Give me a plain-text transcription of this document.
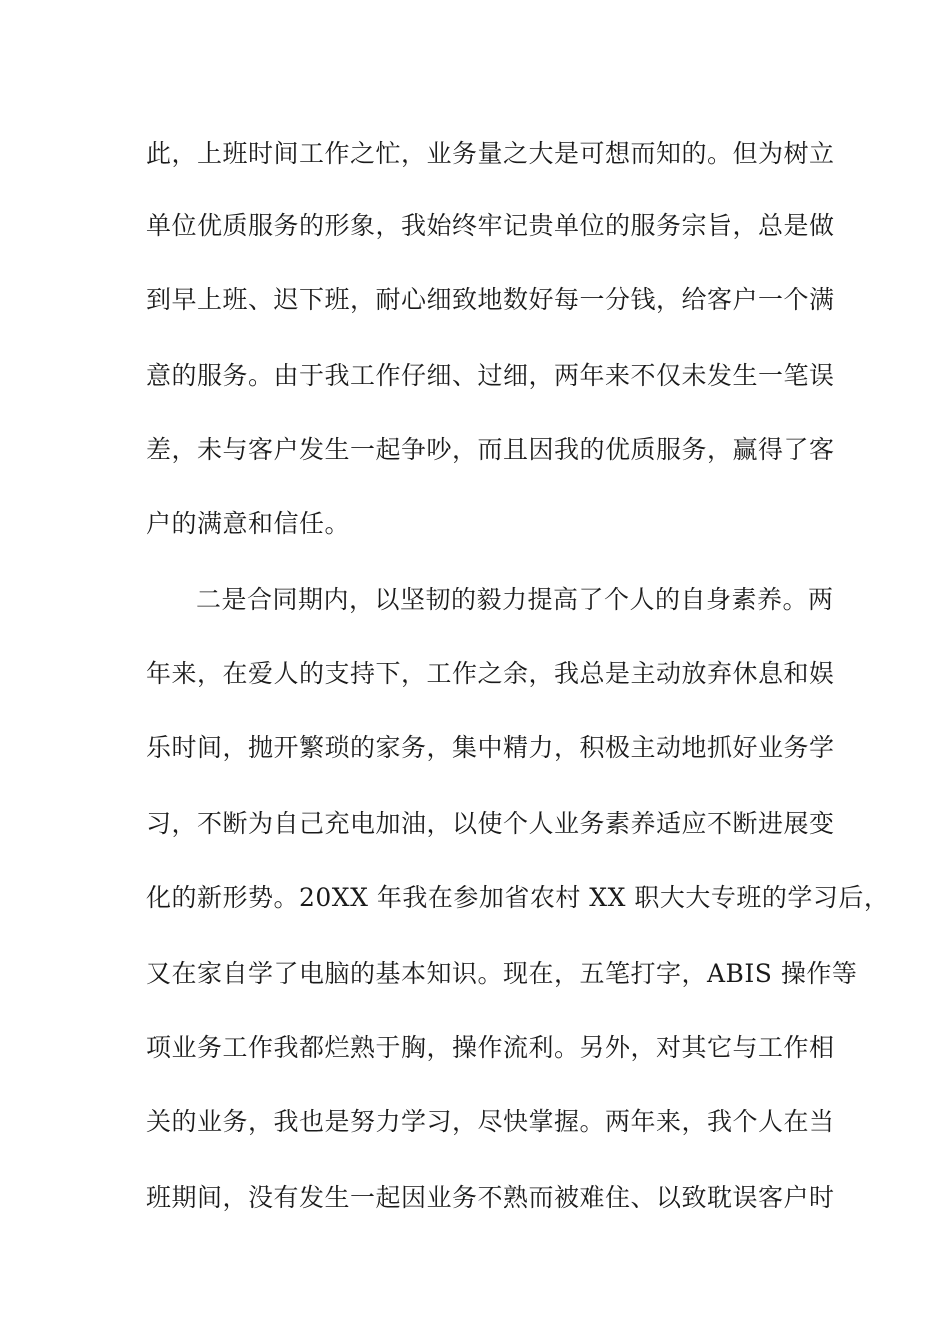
此，上班时间工作之忙，业务量之大是可想而知的。但为树立
单位优质服务的形象，我始终牢记贵单位的服务宗旨，总是做
到早上班、迟下班，耐心细致地数好每一分钱，给客户一个满
意的服务。由于我工作仔细、过细，两年来不仅未发生一笔误
差，未与客户发生一起争吵，而且因我的优质服务，赢得了客
户的满意和信任。
二是合同期内，以坚韧的毅力提高了个人的自身素养。两
年来，在爱人的支持下，工作之余，我总是主动放弃休息和娱
乐时间，抛开繁琐的家务，集中精力，积极主动地抓好业务学
习，不断为自己充电加油，以使个人业务素养适应不断进展变
化的新形势。20XX 年我在参加省农村 XX 职大大专班的学习后，
又在家自学了电脑的基本知识。现在，五笔打字，ABIS 操作等
项业务工作我都烂熟于胸，操作流利。另外，对其它与工作相
关的业务，我也是努力学习，尽快掌握。两年来，我个人在当
班期间，没有发生一起因业务不熟而被难住、以致耽误客户时
